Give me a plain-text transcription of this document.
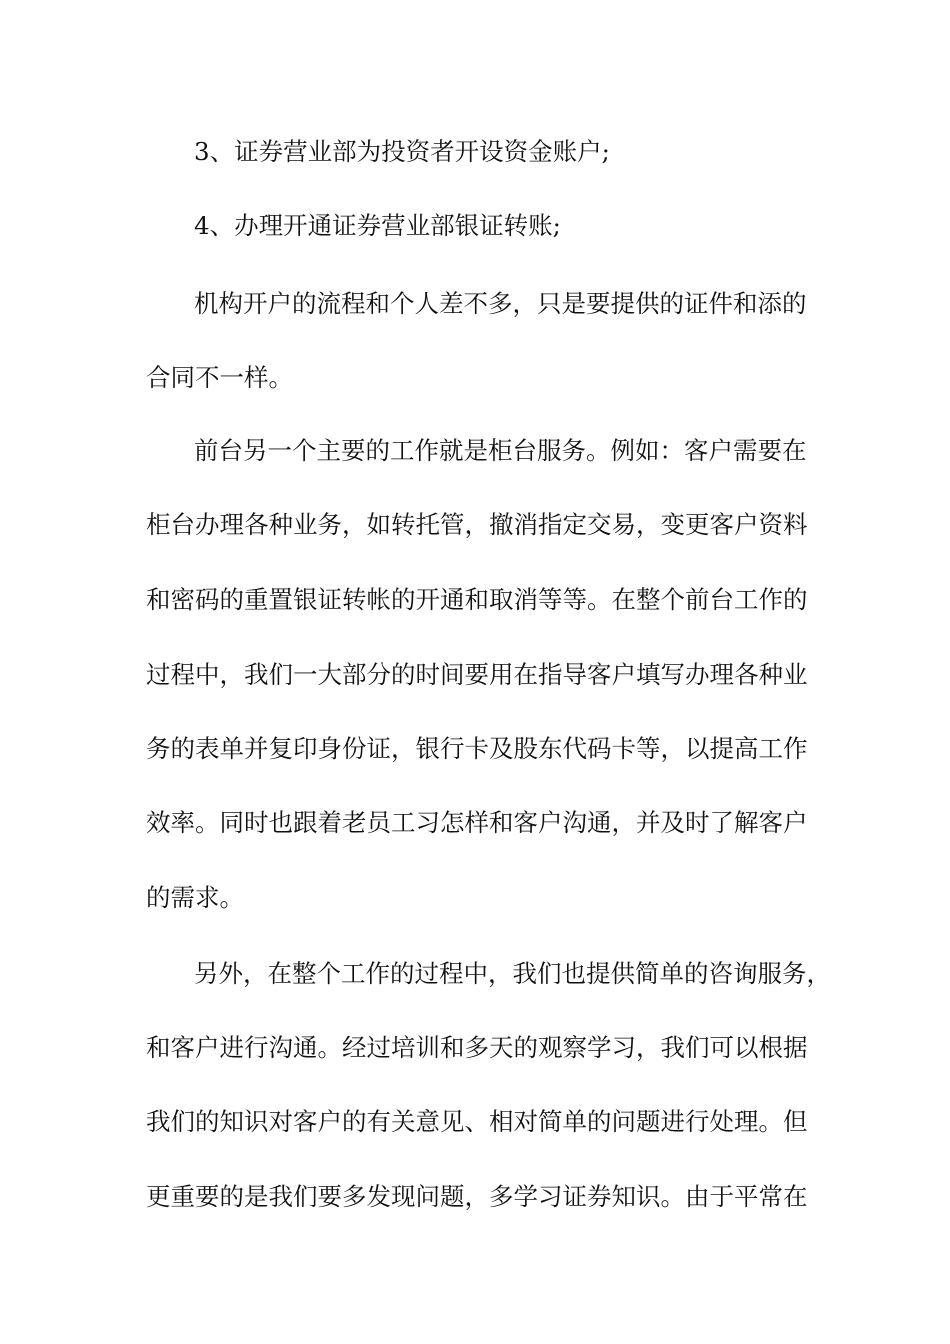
3、证券营业部为投资者开设资金账户;
4、办理开通证券营业部银证转账;
机构开户的流程和个人差不多，只是要提供的证件和添的
合同不一样。
前台另一个主要的工作就是柜台服务。例如：客户需要在
柜台办理各种业务，如转托管，撤消指定交易，变更客户资料
和密码的重置银证转帐的开通和取消等等。在整个前台工作的
过程中，我们一大部分的时间要用在指导客户填写办理各种业
务的表单并复印身份证，银行卡及股东代码卡等，以提高工作
效率。同时也跟着老员工习怎样和客户沟通，并及时了解客户
的需求。
另外，在整个工作的过程中，我们也提供简单的咨询服务，
和客户进行沟通。经过培训和多天的观察学习，我们可以根据
我们的知识对客户的有关意见、相对简单的问题进行处理。但
更重要的是我们要多发现问题，多学习证券知识。由于平常在
